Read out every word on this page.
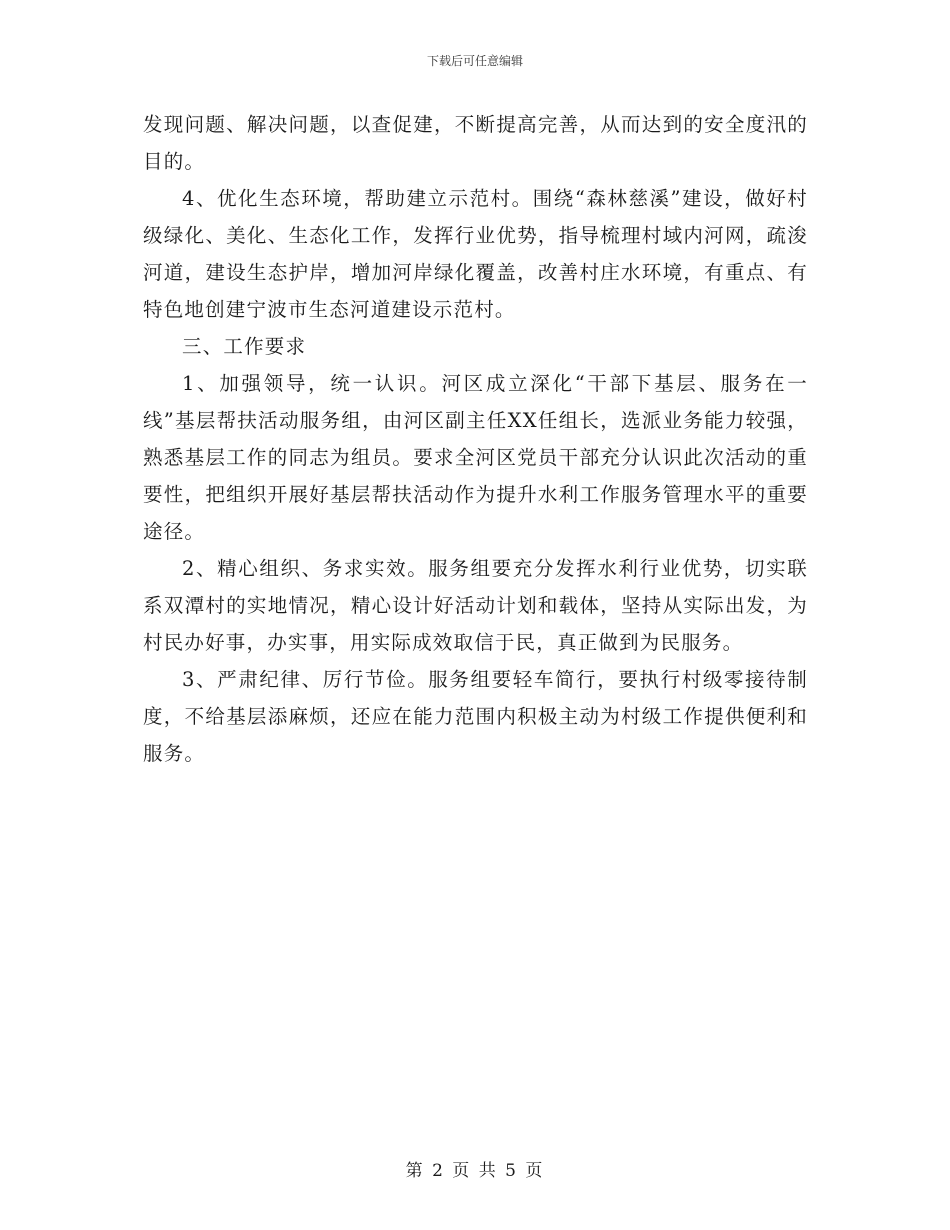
下载后可任意编辑

发现问题、解决问题，以查促建，不断提高完善，从而达到的安全度汛的目的。

4、优化生态环境，帮助建立示范村。围绕“森林慈溪”建设，做好村级绿化、美化、生态化工作，发挥行业优势，指导梳理村域内河网，疏浚河道，建设生态护岸，增加河岸绿化覆盖，改善村庄水环境，有重点、有特色地创建宁波市生态河道建设示范村。

三、工作要求

1、加强领导，统一认识。河区成立深化“干部下基层、服务在一线”基层帮扶活动服务组，由河区副主任XX任组长，选派业务能力较强，熟悉基层工作的同志为组员。要求全河区党员干部充分认识此次活动的重要性，把组织开展好基层帮扶活动作为提升水利工作服务管理水平的重要途径。

2、精心组织、务求实效。服务组要充分发挥水利行业优势，切实联系双潭村的实地情况，精心设计好活动计划和载体，坚持从实际出发，为村民办好事，办实事，用实际成效取信于民，真正做到为民服务。

3、严肃纪律、厉行节俭。服务组要轻车简行，要执行村级零接待制度，不给基层添麻烦，还应在能力范围内积极主动为村级工作提供便利和服务。

第 2 页 共 5 页
